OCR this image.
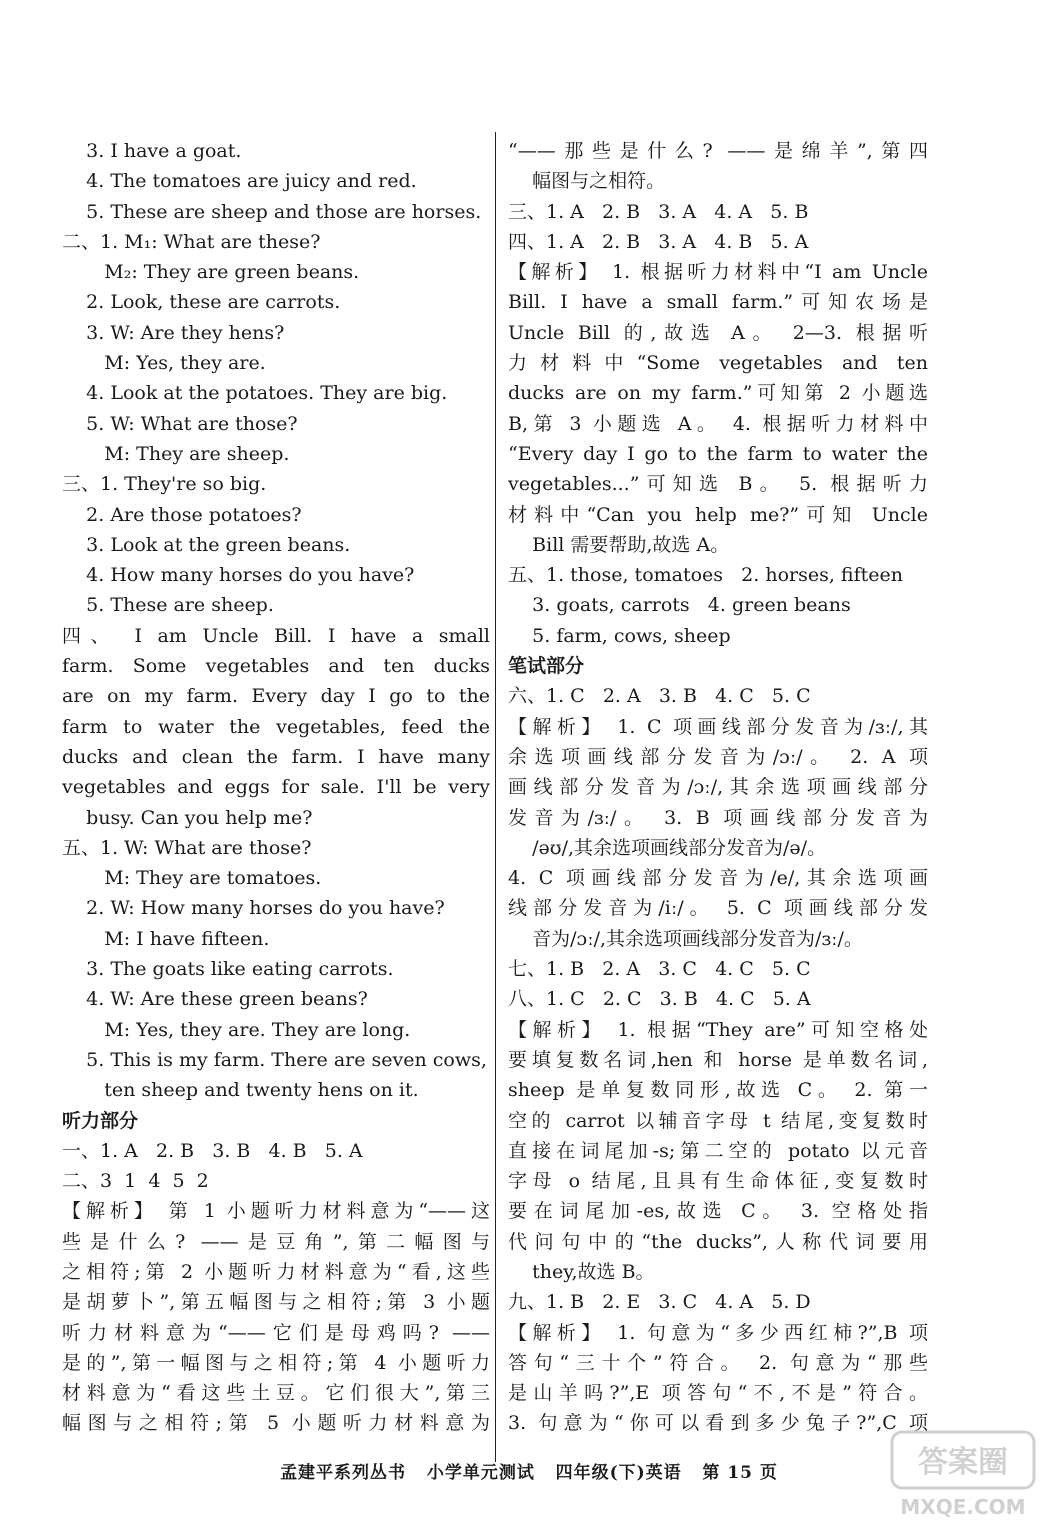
3. I have a goat.
4. The tomatoes are juicy and red.
5. These are sheep and those are horses.
二、1. M₁: What are these?
M₂: They are green beans.
2. Look, these are carrots.
3. W: Are they hens?
M: Yes, they are.
4. Look at the potatoes. They are big.
5. W: What are those?
M: They are sheep.
三、1. They're so big.
2. Are those potatoes?
3. Look at the green beans.
4. How many horses do you have?
5. These are sheep.
四、 I am Uncle Bill. I have a small
farm. Some vegetables and ten ducks
are on my farm. Every day I go to the
farm to water the vegetables, feed the
ducks and clean the farm. I have many
vegetables and eggs for sale. I'll be very
busy. Can you help me?
五、1. W: What are those?
M: They are tomatoes.
2. W: How many horses do you have?
M: I have fifteen.
3. The goats like eating carrots.
4. W: Are these green beans?
M: Yes, they are. They are long.
5. This is my farm. There are seven cows,
ten sheep and twenty hens on it.
听力部分
一、1. A   2. B   3. B   4. B   5. A
二、3  1  4  5  2
【解析】 第 1 小题听力材料意为“——这
些是什么? ——是豆角”,第二幅图与
之相符;第 2 小题听力材料意为“看,这些
是胡萝卜”,第五幅图与之相符;第 3 小题
听力材料意为“——它们是母鸡吗? ——
是的”,第一幅图与之相符;第 4 小题听力
材料意为“看这些土豆。它们很大”,第三
幅图与之相符;第 5 小题听力材料意为
“——那些是什么? ——是绵羊”,第四
幅图与之相符。
三、1. A   2. B   3. A   4. A   5. B
四、1. A   2. B   3. A   4. B   5. A
【解析】 1. 根据听力材料中“I am Uncle
Bill. I have a small farm.”可知农场是
Uncle Bill 的,故选 A。 2—3. 根据听
力材料中“Some vegetables and ten
ducks are on my farm.”可知第 2 小题选
B,第 3 小题选 A。 4. 根据听力材料中
“Every day I go to the farm to water the
vegetables...”可知选 B。 5. 根据听力
材料中“Can you help me?”可知 Uncle
Bill 需要帮助,故选 A。
五、1. those, tomatoes   2. horses, fifteen
3. goats, carrots   4. green beans
5. farm, cows, sheep
笔试部分
六、1. C   2. A   3. B   4. C   5. C
【解析】 1. C 项画线部分发音为/ɜː/,其
余选项画线部分发音为/ɔː/。 2. A 项
画线部分发音为/ɔː/,其余选项画线部分
发音为/ɜː/。 3. B 项画线部分发音为
/əʊ/,其余选项画线部分发音为/ə/。
4. C 项画线部分发音为/e/,其余选项画
线部分发音为/iː/。 5. C 项画线部分发
音为/ɔː/,其余选项画线部分发音为/ɜː/。
七、1. B   2. A   3. C   4. C   5. C
八、1. C   2. C   3. B   4. C   5. A
【解析】 1. 根据“They are”可知空格处
要填复数名词,hen 和 horse 是单数名词,
sheep 是单复数同形,故选 C。 2. 第一
空的 carrot 以辅音字母 t 结尾,变复数时
直接在词尾加-s;第二空的 potato 以元音
字母 o 结尾,且具有生命体征,变复数时
要在词尾加-es,故选 C。 3. 空格处指
代问句中的“the ducks”,人称代词要用
they,故选 B。
九、1. B   2. E   3. C   4. A   5. D
【解析】 1. 句意为“多少西红柿?”,B 项
答句“三十个”符合。 2. 句意为“那些
是山羊吗?”,E 项答句“不,不是”符合。
3. 句意为“你可以看到多少兔子?”,C 项
孟建平系列丛书   小学单元测试   四年级(下)英语   第 15 页	答案圈
MXQE.COM
